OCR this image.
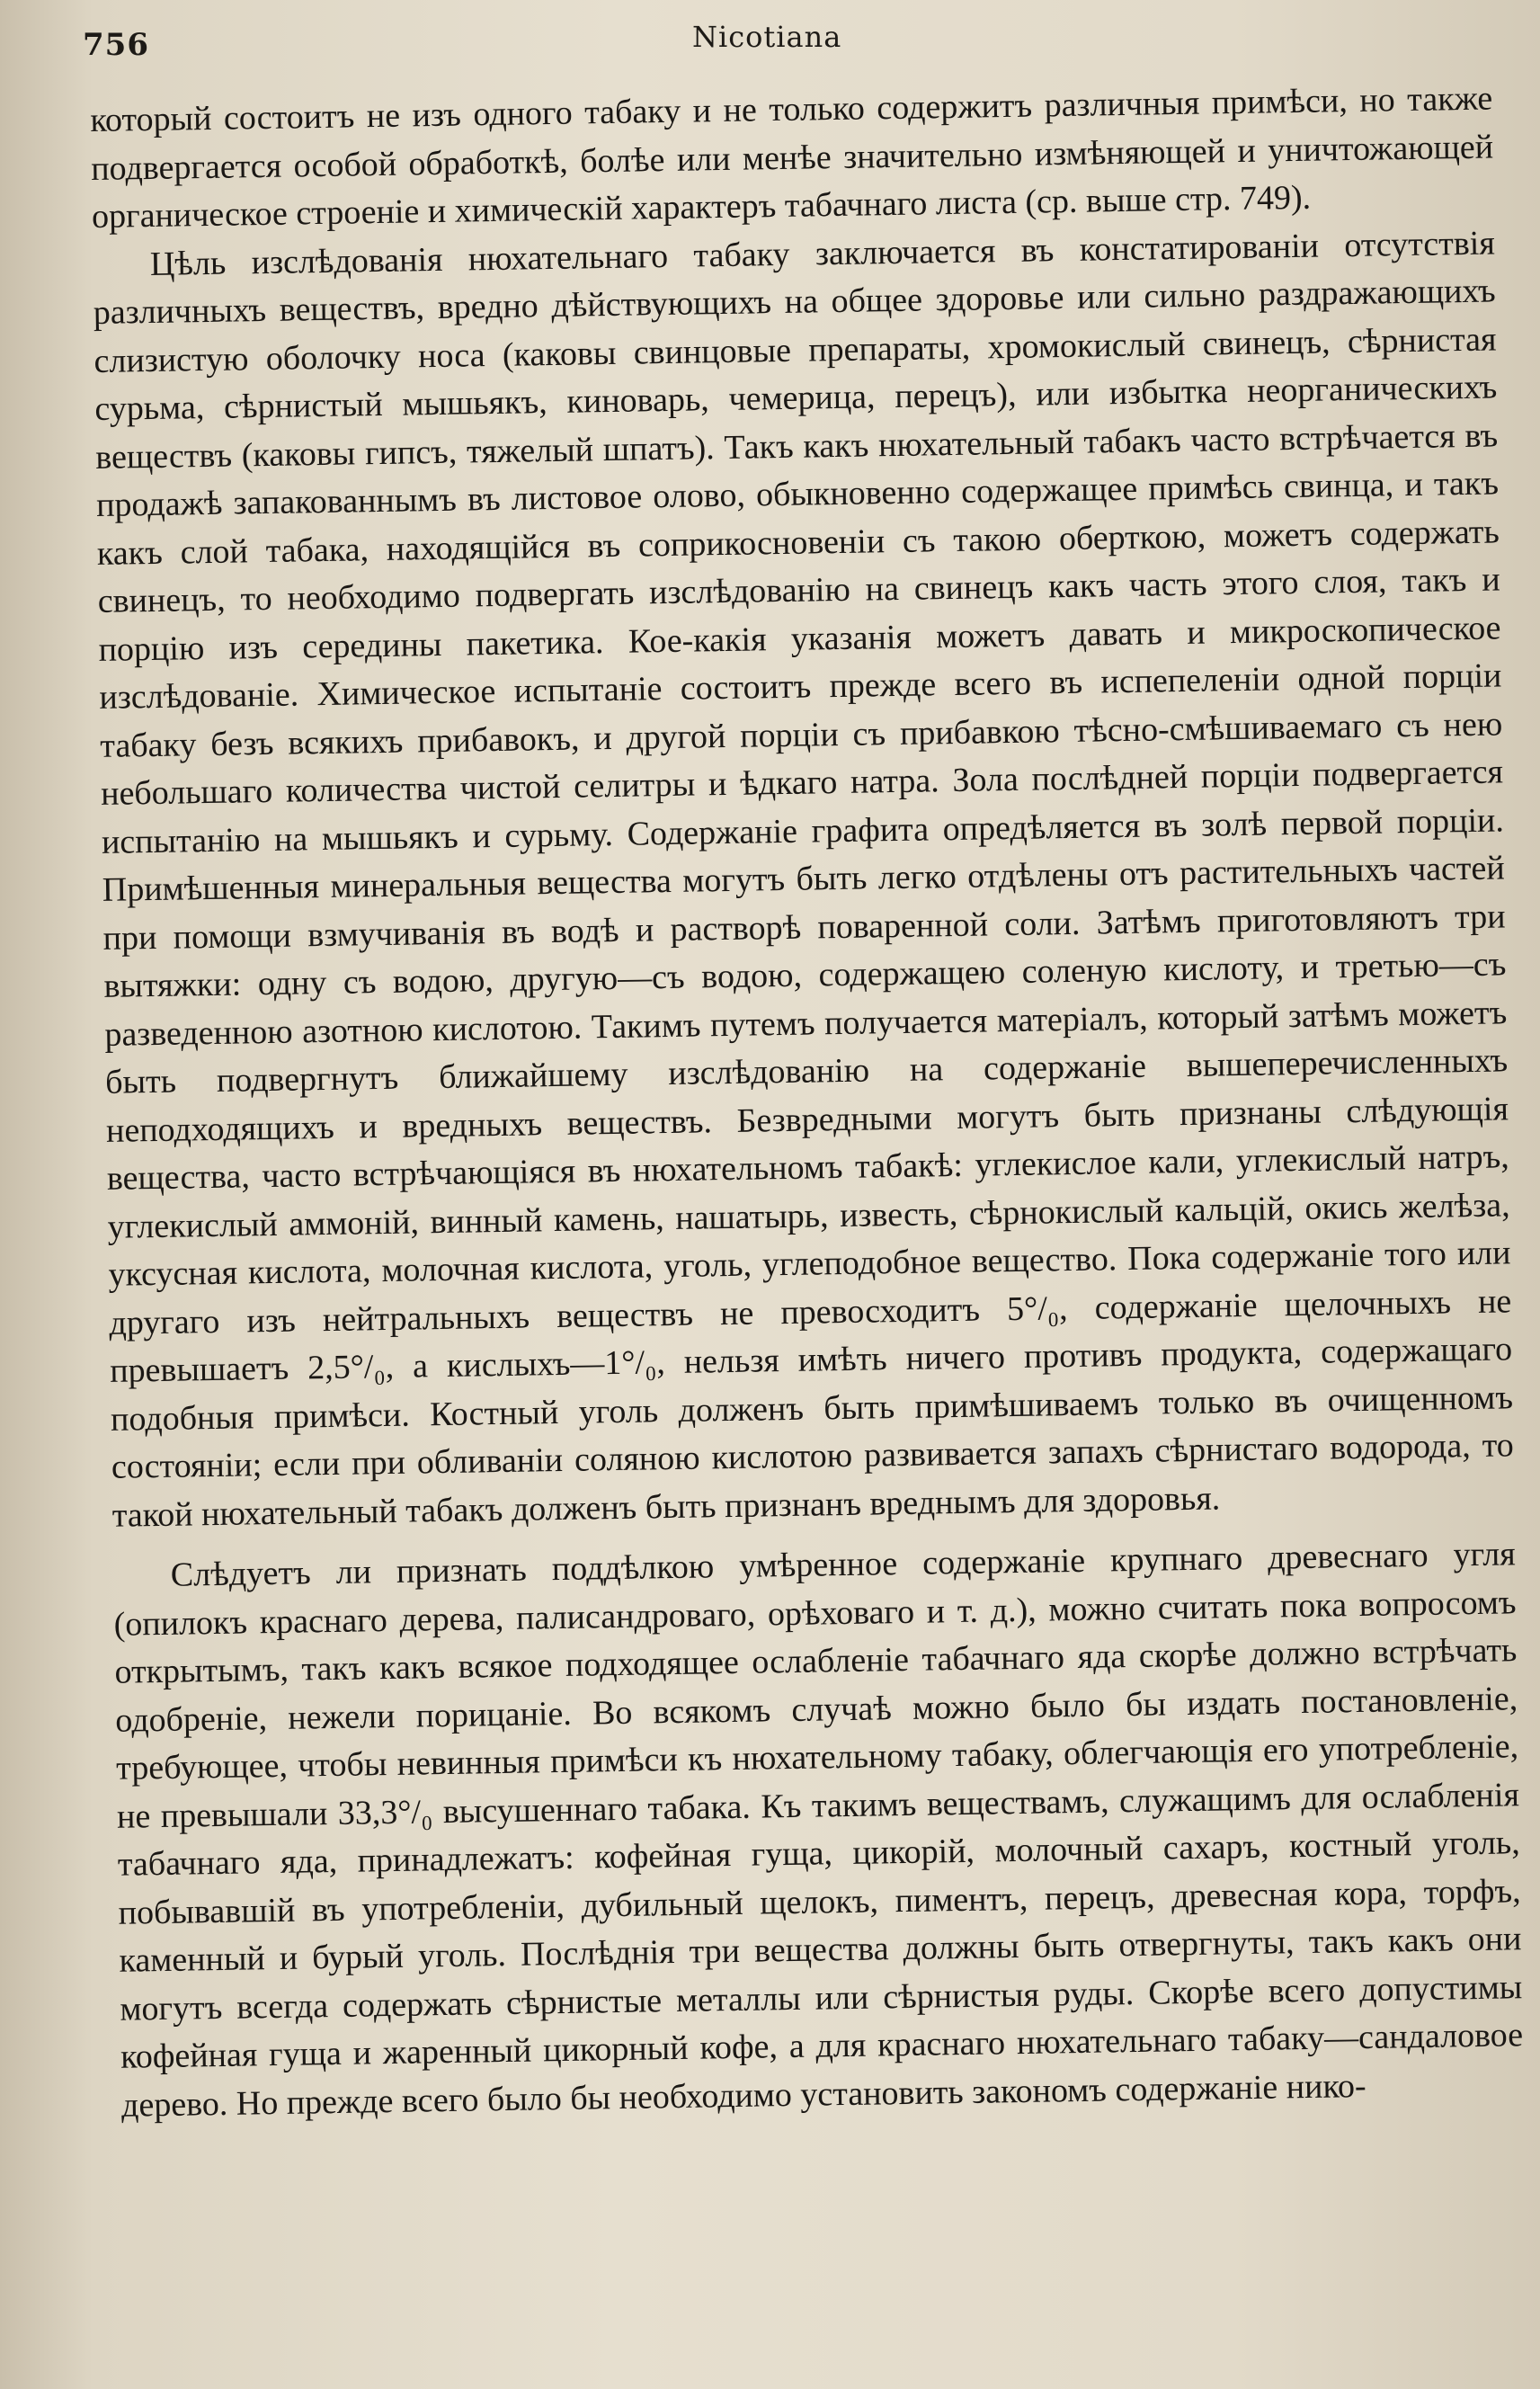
756	Nicotiana

который состоитъ не изъ одного табаку и не только содержитъ различныя примѣси, но также подвергается особой обработкѣ, болѣе или менѣе значительно измѣняющей и уничтожающей органическое строеніе и химическій характеръ табачнаго листа (ср. выше стр. 749).

Цѣль изслѣдованія нюхательнаго табаку заключается въ констатированіи отсутствія различныхъ веществъ, вредно дѣйствующихъ на общее здоровье или сильно раздражающихъ слизистую оболочку носа (каковы свинцовые препараты, хромокислый свинецъ, сѣрнистая сурьма, сѣрнистый мышьякъ, киноварь, чемерица, перецъ), или избытка неорганическихъ веществъ (каковы гипсъ, тяжелый шпатъ). Такъ какъ нюхательный табакъ часто встрѣчается въ продажѣ запакованнымъ въ листовое олово, обыкновенно содержащее примѣсь свинца, и такъ какъ слой табака, находящійся въ соприкосновеніи съ такою оберткою, можетъ содержать свинецъ, то необходимо подвергать изслѣдованію на свинецъ какъ часть этого слоя, такъ и порцію изъ середины пакетика. Кое-какія указанія можетъ давать и микроскопическое изслѣдованіе. Химическое испытаніе состоитъ прежде всего въ испепеленіи одной порціи табаку безъ всякихъ прибавокъ, и другой порціи съ прибавкою тѣсно-смѣшиваемаго съ нею небольшаго количества чистой селитры и ѣдкаго натра. Зола послѣдней порціи подвергается испытанію на мышьякъ и сурьму. Содержаніе графита опредѣляется въ золѣ первой порціи. Примѣшенныя минеральныя вещества могутъ быть легко отдѣлены отъ растительныхъ частей при помощи взмучиванія въ водѣ и растворѣ поваренной соли. Затѣмъ приготовляютъ три вытяжки: одну съ водою, другую—съ водою, содержащею соленую кислоту, и третью—съ разведенною азотною кислотою. Такимъ путемъ получается матеріалъ, который затѣмъ можетъ быть подвергнутъ ближайшему изслѣдованію на содержаніе вышеперечисленныхъ неподходящихъ и вредныхъ веществъ. Безвредными могутъ быть признаны слѣдующія вещества, часто встрѣчающіяся въ нюхательномъ табакѣ: углекислое кали, углекислый натръ, углекислый аммоній, винный камень, нашатырь, известь, сѣрнокислый кальцій, окись желѣза, уксусная кислота, молочная кислота, уголь, углеподобное вещество. Пока содержаніе того или другаго изъ нейтральныхъ веществъ не превосходитъ 5°/₀, содержаніе щелочныхъ не превышаетъ 2,5°/₀, а кислыхъ—1°/₀, нельзя имѣть ничего противъ продукта, содержащаго подобныя примѣси. Костный уголь долженъ быть примѣшиваемъ только въ очищенномъ состояніи; если при обливаніи соляною кислотою развивается запахъ сѣрнистаго водорода, то такой нюхательный табакъ долженъ быть признанъ вреднымъ для здоровья.

Слѣдуетъ ли признать поддѣлкою умѣренное содержаніе крупнаго древеснаго угля (опилокъ краснаго дерева, палисандроваго, орѣховаго и т. д.), можно считать пока вопросомъ открытымъ, такъ какъ всякое подходящее ослабленіе табачнаго яда скорѣе должно встрѣчать одобреніе, нежели порицаніе. Во всякомъ случаѣ можно было бы издать постановленіе, требующее, чтобы невинныя примѣси къ нюхательному табаку, облегчающія его употребленіе, не превышали 33,3°/₀ высушеннаго табака. Къ такимъ веществамъ, служащимъ для ослабленія табачнаго яда, принадлежатъ: кофейная гуща, цикорій, молочный сахаръ, костный уголь, побывавшій въ употребленіи, дубильный щелокъ, пиментъ, перецъ, древесная кора, торфъ, каменный и бурый уголь. Послѣднія три вещества должны быть отвергнуты, такъ какъ они могутъ всегда содержать сѣрнистые металлы или сѣрнистыя руды. Скорѣе всего допустимы кофейная гуща и жаренный цикорный кофе, а для краснаго нюхательнаго табаку—сандаловое дерево. Но прежде всего было бы необходимо установить закономъ содержаніе нико-
